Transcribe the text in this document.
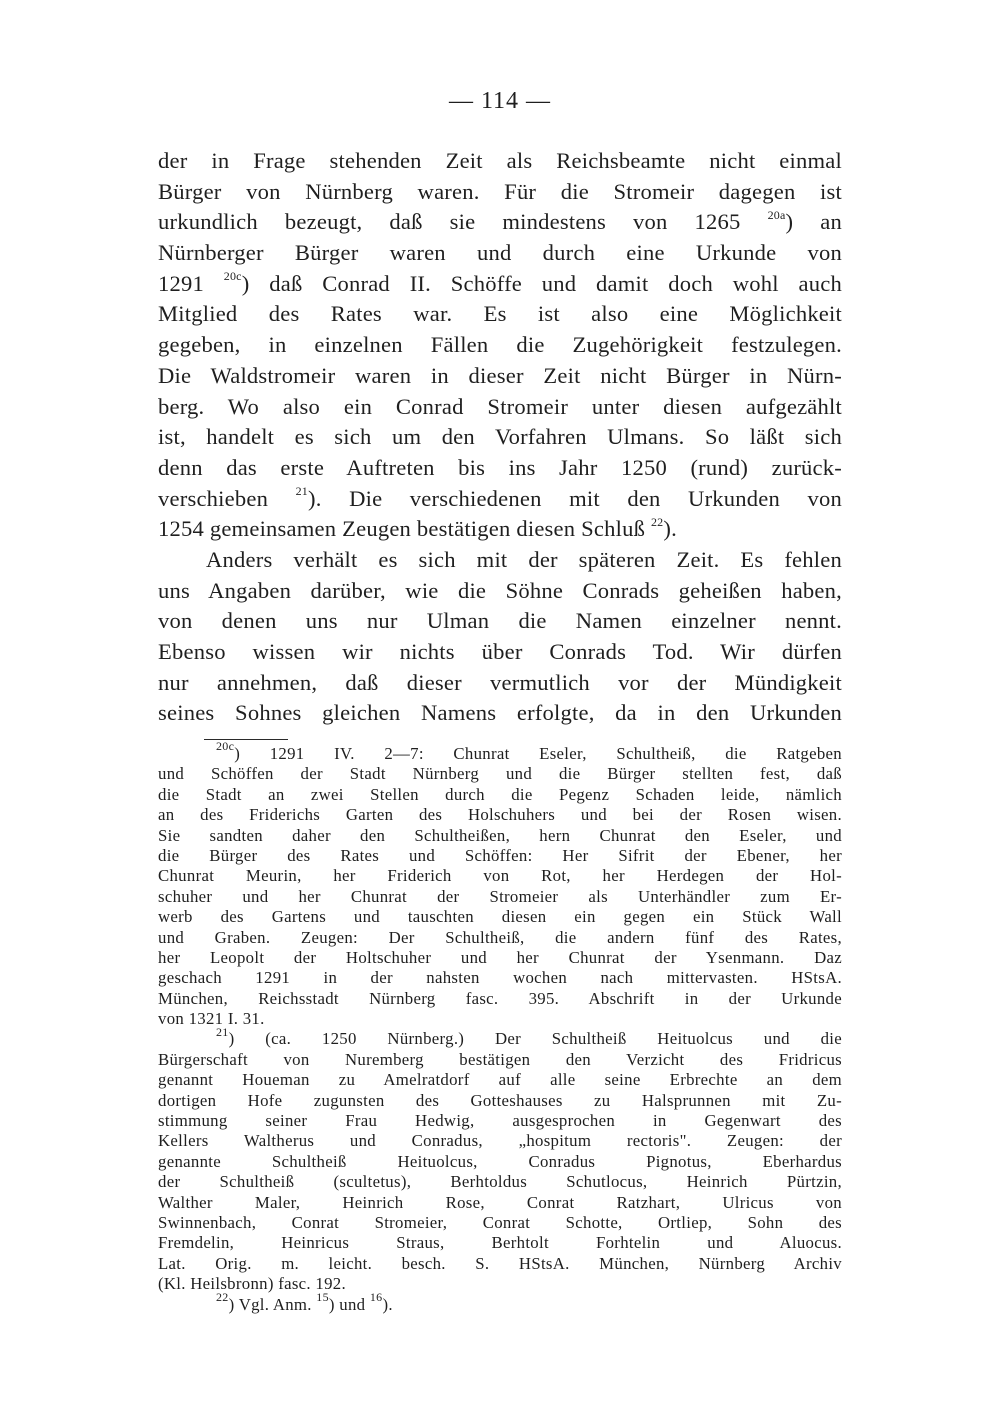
— 114 —
der in Frage stehenden Zeit als Reichsbeamte nicht einmal
Bürger von Nürnberg waren. Für die Stromeir dagegen ist
urkundlich bezeugt, daß sie mindestens von 1265 $^{20a}$) an
Nürnberger Bürger waren und durch eine Urkunde von
1291 $^{20c}$) daß Conrad II. Schöffe und damit doch wohl auch
Mitglied des Rates war. Es ist also eine Möglichkeit
gegeben, in einzelnen Fällen die Zugehörigkeit festzulegen.
Die Waldstromeir waren in dieser Zeit nicht Bürger in Nürn-
berg. Wo also ein Conrad Stromeir unter diesen aufgezählt
ist, handelt es sich um den Vorfahren Ulmans. So läßt sich
denn das erste Auftreten bis ins Jahr 1250 (rund) zurück-
verschieben $^{21}$). Die verschiedenen mit den Urkunden von
1254 gemeinsamen Zeugen bestätigen diesen Schluß $^{22}$).
Anders verhält es sich mit der späteren Zeit. Es fehlen
uns Angaben darüber, wie die Söhne Conrads geheißen haben,
von denen uns nur Ulman die Namen einzelner nennt.
Ebenso wissen wir nichts über Conrads Tod. Wir dürfen
nur annehmen, daß dieser vermutlich vor der Mündigkeit
seines Sohnes gleichen Namens erfolgte, da in den Urkunden
$^{20c}$) 1291 IV. 2—7: Chunrat Eseler, Schultheiß, die Ratgeben
und Schöffen der Stadt Nürnberg und die Bürger stellten fest, daß
die Stadt an zwei Stellen durch die Pegenz Schaden leide, nämlich
an des Friderichs Garten des Holschuhers und bei der Rosen wisen.
Sie sandten daher den Schultheißen, hern Chunrat den Eseler, und
die Bürger des Rates und Schöffen: Her Sifrit der Ebener, her
Chunrat Meurin, her Friderich von Rot, her Herdegen der Hol-
schuher und her Chunrat der Stromeier als Unterhändler zum Er-
werb des Gartens und tauschten diesen ein gegen ein Stück Wall
und Graben. Zeugen: Der Schultheiß, die andern fünf des Rates,
her Leopolt der Holtschuher und her Chunrat der Ysenmann. Daz
geschach 1291 in der nahsten wochen nach mittervasten. HStsA.
München, Reichsstadt Nürnberg fasc. 395. Abschrift in der Urkunde
von 1321 I. 31.
$^{21}$) (ca. 1250 Nürnberg.) Der Schultheiß Heituolcus und die
Bürgerschaft von Nuremberg bestätigen den Verzicht des Fridricus
genannt Houeman zu Amelratdorf auf alle seine Erbrechte an dem
dortigen Hofe zugunsten des Gotteshauses zu Halsprunnen mit Zu-
stimmung seiner Frau Hedwig, ausgesprochen in Gegenwart des
Kellers Waltherus und Conradus, „hospitum rectoris". Zeugen: der
genannte Schultheiß Heituolcus, Conradus Pignotus, Eberhardus
der Schultheiß (scultetus), Berhtoldus Schutlocus, Heinrich Pürtzin,
Walther Maler, Heinrich Rose, Conrat Ratzhart, Ulricus von
Swinnenbach, Conrat Stromeier, Conrat Schotte, Ortliep, Sohn des
Fremdelin, Heinricus Straus, Berhtolt Forhtelin und Aluocus.
Lat. Orig. m. leicht. besch. S. HStsA. München, Nürnberg Archiv
(Kl. Heilsbronn) fasc. 192.
$^{22}$) Vgl. Anm. $^{15}$) und $^{16}$).
